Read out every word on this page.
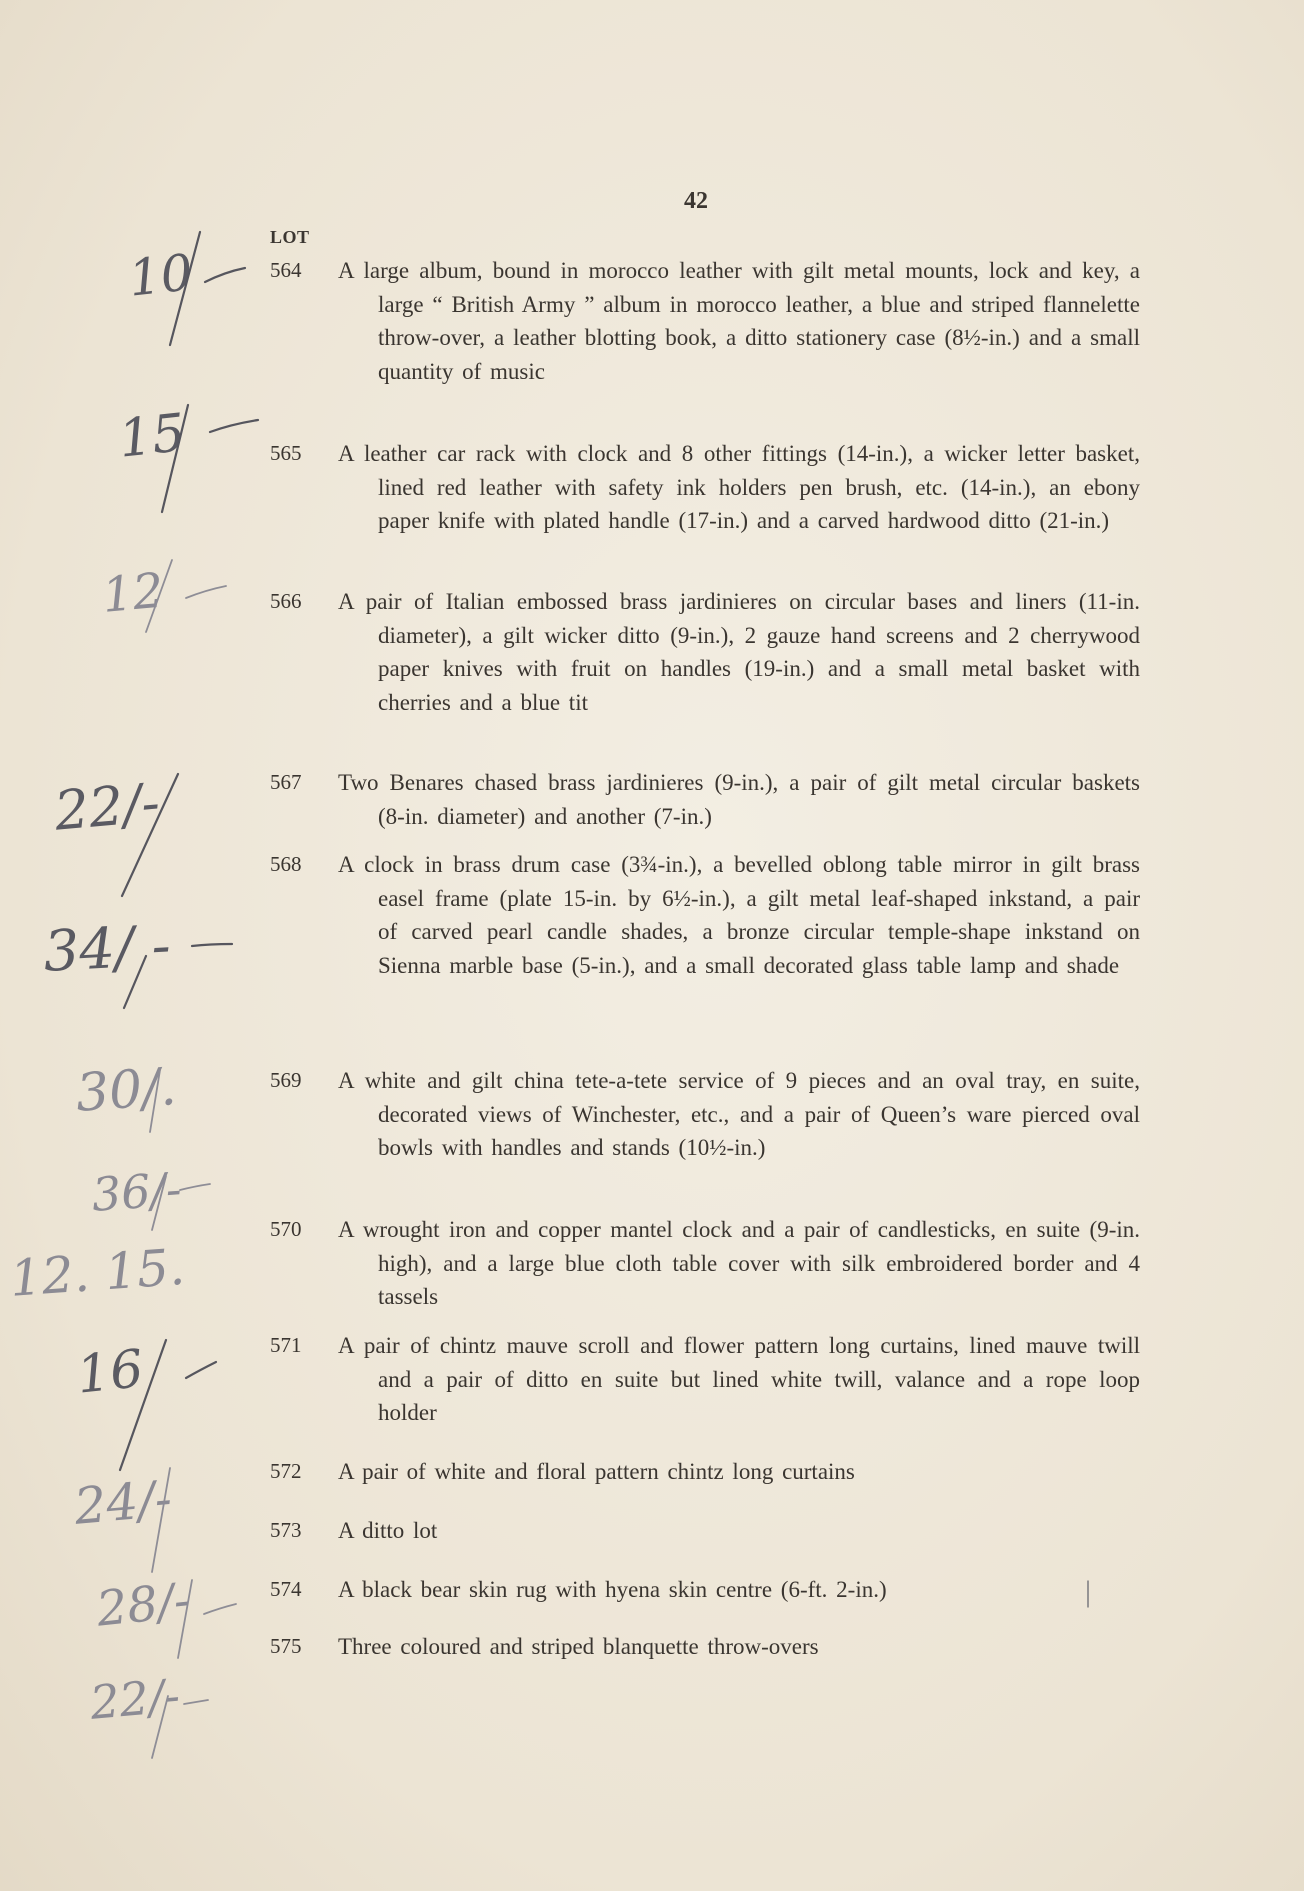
42
LOT
564	A large album, bound in morocco leather with gilt metal mounts, lock and key, a large “ British Army ” album in morocco leather, a blue and striped flannelette throw-over, a leather blotting book, a ditto stationery case (8½-in.) and a small quantity of music
565	A leather car rack with clock and 8 other fittings (14-in.), a wicker letter basket, lined red leather with safety ink holders pen brush, etc. (14-in.), an ebony paper knife with plated handle (17-in.) and a carved hardwood ditto (21-in.)
566	A pair of Italian embossed brass jardinieres on circular bases and liners (11-in. diameter), a gilt wicker ditto (9-in.), 2 gauze hand screens and 2 cherrywood paper knives with fruit on handles (19-in.) and a small metal basket with cherries and a blue tit
567	Two Benares chased brass jardinieres (9-in.), a pair of gilt metal circular baskets (8-in. diameter) and another (7-in.)
568	A clock in brass drum case (3¾-in.), a bevelled oblong table mirror in gilt brass easel frame (plate 15-in. by 6½-in.), a gilt metal leaf-shaped inkstand, a pair of carved pearl candle shades, a bronze circular temple-shape inkstand on Sienna marble base (5-in.), and a small decorated glass table lamp and shade
569	A white and gilt china tete-a-tete service of 9 pieces and an oval tray, en suite, decorated views of Winchester, etc., and a pair of Queen’s ware pierced oval bowls with handles and stands (10½-in.)
570	A wrought iron and copper mantel clock and a pair of candlesticks, en suite (9-in. high), and a large blue cloth table cover with silk embroidered border and 4 tassels
571	A pair of chintz mauve scroll and flower pattern long curtains, lined mauve twill and a pair of ditto en suite but lined white twill, valance and a rope loop holder
572	A pair of white and floral pattern chintz long curtains
573	A ditto lot
574	A black bear skin rug with hyena skin centre (6-ft. 2-in.)
575	Three coloured and striped blanquette throw-overs
10
15
12
22/-
34/ -
30/.
36/-
12. 15.
16
24/-
28/-
22/-
|
